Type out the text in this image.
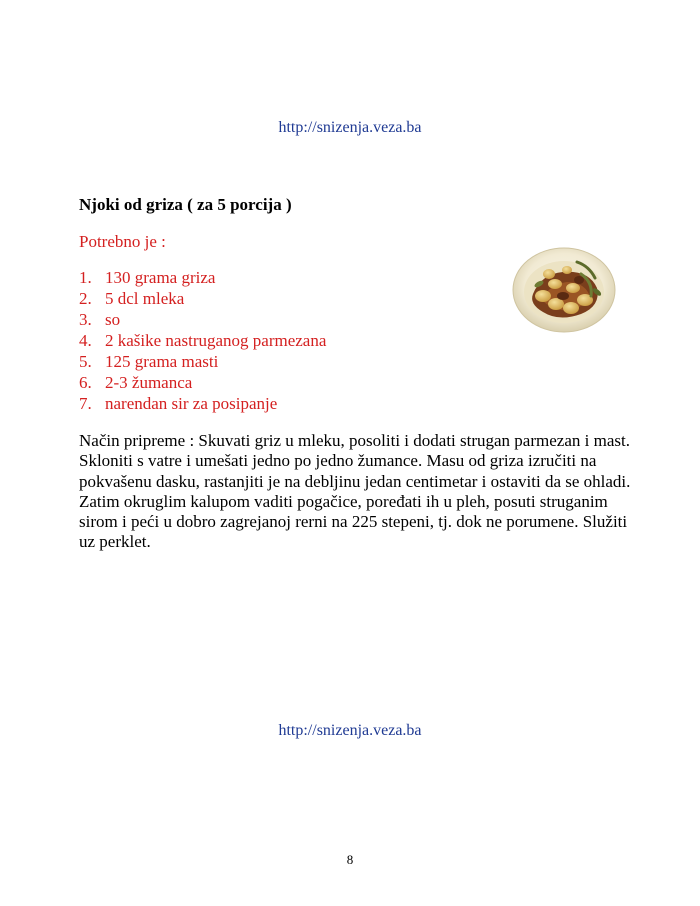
http://snizenja.veza.ba
Njoki od griza ( za 5 porcija )
Potrebno je :
1. 130 grama griza
2. 5 dcl mleka
3. so
4. 2 kašike nastruganog parmezana
5. 125 grama masti
6. 2-3 žumanca
7. narendan sir za posipanje

Način pripreme : Skuvati griz u mleku, posoliti i dodati strugan parmezan i mast. Skloniti s vatre i umešati jedno po jedno žumance. Masu od griza izručiti na pokvašenu dasku, rastanjiti je na debljinu jedan centimetar i ostaviti da se ohladi. Zatim okruglim kalupom vaditi pogačice, poređati ih u pleh, posuti struganim sirom i peći u dobro zagrejanoj rerni na 225 stepeni, tj. dok ne porumene. Služiti uz perklet.

http://snizenja.veza.ba
8
